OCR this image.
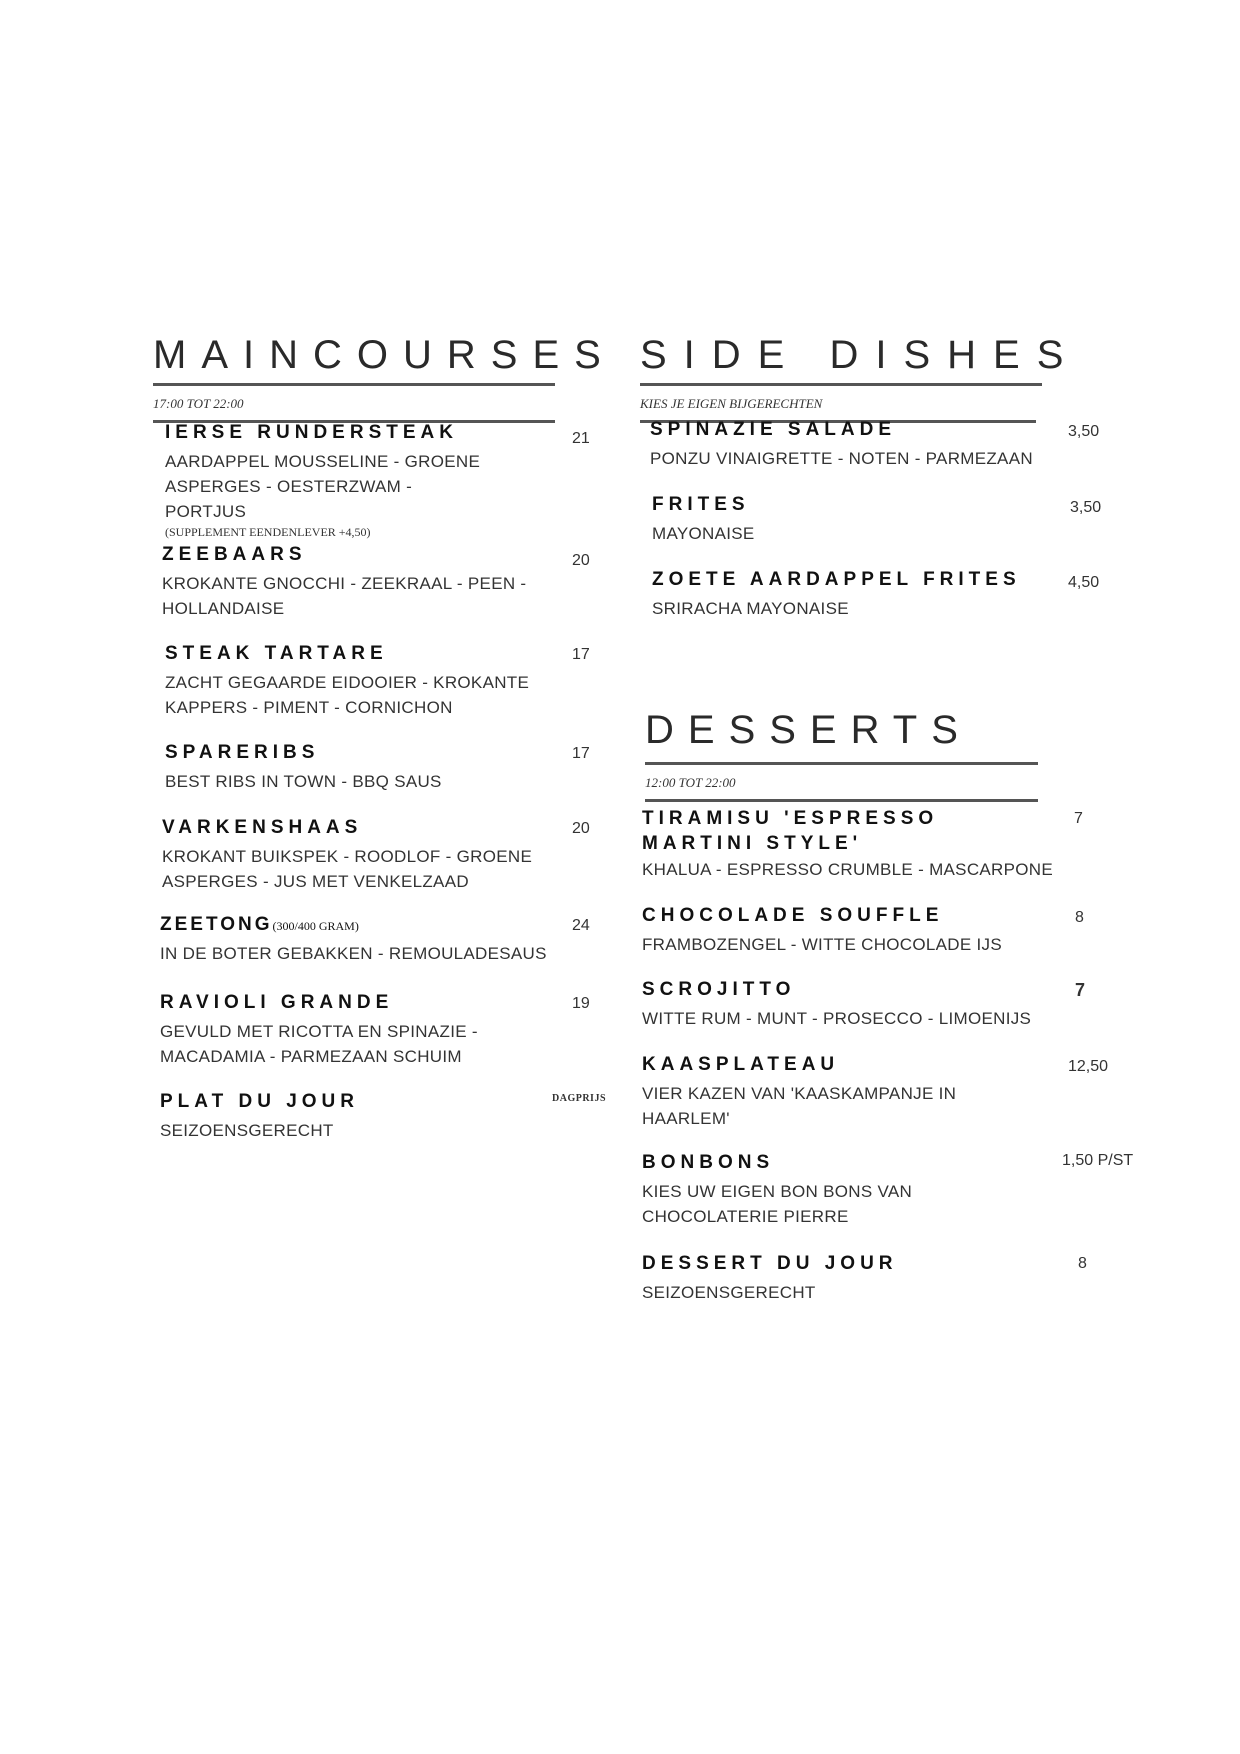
MAINCOURSES
17:00 TOT 22:00
IERSE RUNDERSTEAK
AARDAPPEL MOUSSELINE - GROENE ASPERGES - OESTERZWAM - PORTJUS
(SUPPLEMENT EENDENLEVER +4,50)
21
ZEEBAARS
KROKANTE GNOCCHI - ZEEKRAAL - PEEN - HOLLANDAISE
20
STEAK TARTARE
ZACHT GEGAARDE EIDOOIER - KROKANTE KAPPERS - PIMENT - CORNICHON
17
SPARERIBS
BEST RIBS IN TOWN - BBQ SAUS
17
VARKENSHAAS
KROKANT BUIKSPEK - ROODLOF - GROENE ASPERGES - JUS MET VENKELZAAD
20
ZEETONG(300/400 GRAM)
IN DE BOTER GEBAKKEN - REMOULADESAUS
24
RAVIOLI GRANDE
GEVULD MET RICOTTA EN SPINAZIE - MACADAMIA - PARMEZAAN SCHUIM
19
PLAT DU JOUR
SEIZOENSGERECHT
DAGPRIJS
SIDE DISHES
KIES JE EIGEN BIJGERECHTEN
SPINAZIE SALADE
PONZU VINAIGRETTE - NOTEN - PARMEZAAN
3,50
FRITES
MAYONAISE
3,50
ZOETE AARDAPPEL FRITES
SRIRACHA MAYONAISE
4,50
DESSERTS
12:00 TOT 22:00
TIRAMISU 'ESPRESSO MARTINI STYLE'
KHALUA - ESPRESSO CRUMBLE - MASCARPONE
7
CHOCOLADE SOUFFLE
FRAMBOZENGEL - WITTE CHOCOLADE IJS
8
SCROJITTO
WITTE RUM - MUNT - PROSECCO - LIMOENIJS
7
KAASPLATEAU
VIER KAZEN VAN 'KAASKAMPANJE IN HAARLEM'
12,50
BONBONS
KIES UW EIGEN BON BONS VAN CHOCOLATERIE PIERRE
1,50 P/ST
DESSERT DU JOUR
SEIZOENSGERECHT
8
